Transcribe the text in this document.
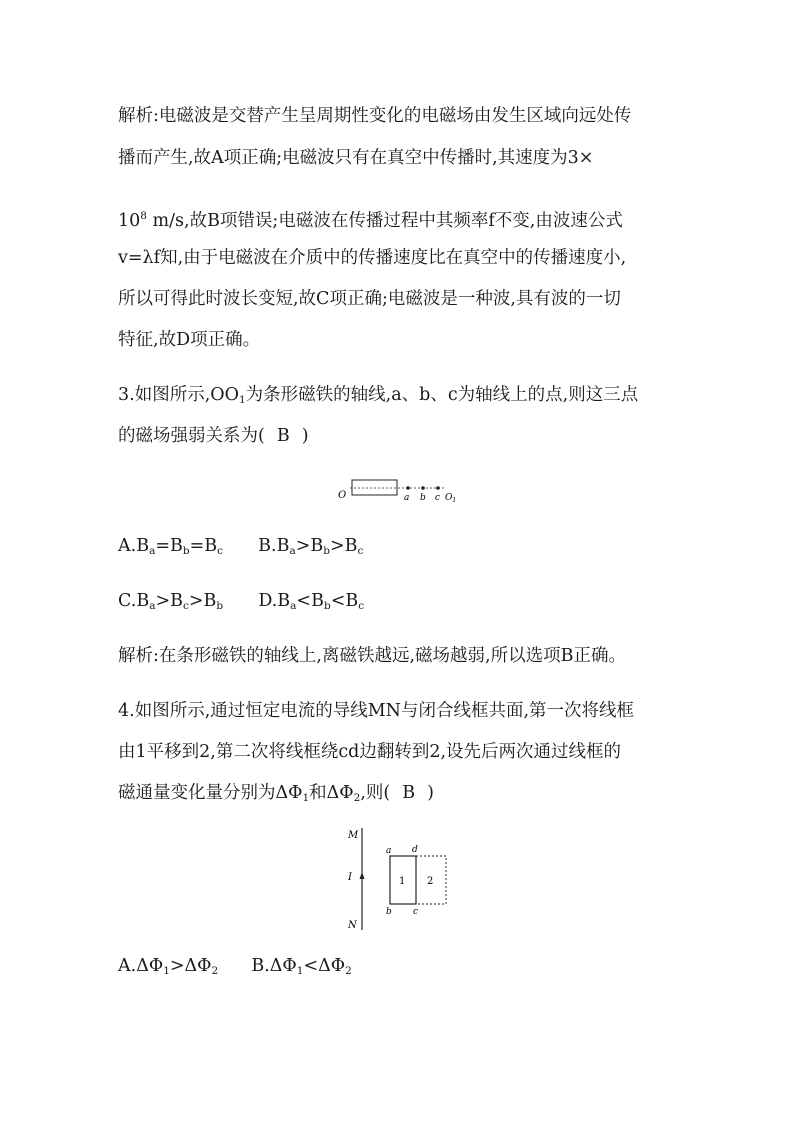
解析:电磁波是交替产生呈周期性变化的电磁场由发生区域向远处传
播而产生,故A项正确;电磁波只有在真空中传播时,其速度为3×
$10^8$ m/s,故B项错误;电磁波在传播过程中其频率f不变,由波速公式
v=λf知,由于电磁波在介质中的传播速度比在真空中的传播速度小,
所以可得此时波长变短,故C项正确;电磁波是一种波,具有波的一切
特征,故D项正确。
3.如图所示$,OO_1$为条形磁铁的轴线,a、b、c为轴线上的点,则这三点
的磁场强弱关系为( B )
O	a b c $O_1$
$A.B_a=B_b=B_c$ $B.B_a>B_b>B_c$
$C.B_a>B_c>B_b$ $D.B_a<B_b<B_c$
解析:在条形磁铁的轴线上,离磁铁越远,磁场越弱,所以选项B正确。
4.如图所示,通过恒定电流的导线MN与闭合线框共面,第一次将线框
由1平移到2,第二次将线框绕cd边翻转到2,设先后两次通过线框的
磁通量变化量分别为$\Delta\Phi_1$和$\Delta\Phi_2$,则( B )
M
I
N
a d
b c
1 2
$A.\Delta\Phi_1>\Delta\Phi_2$ $B.\Delta\Phi_1<\Delta\Phi_2$
